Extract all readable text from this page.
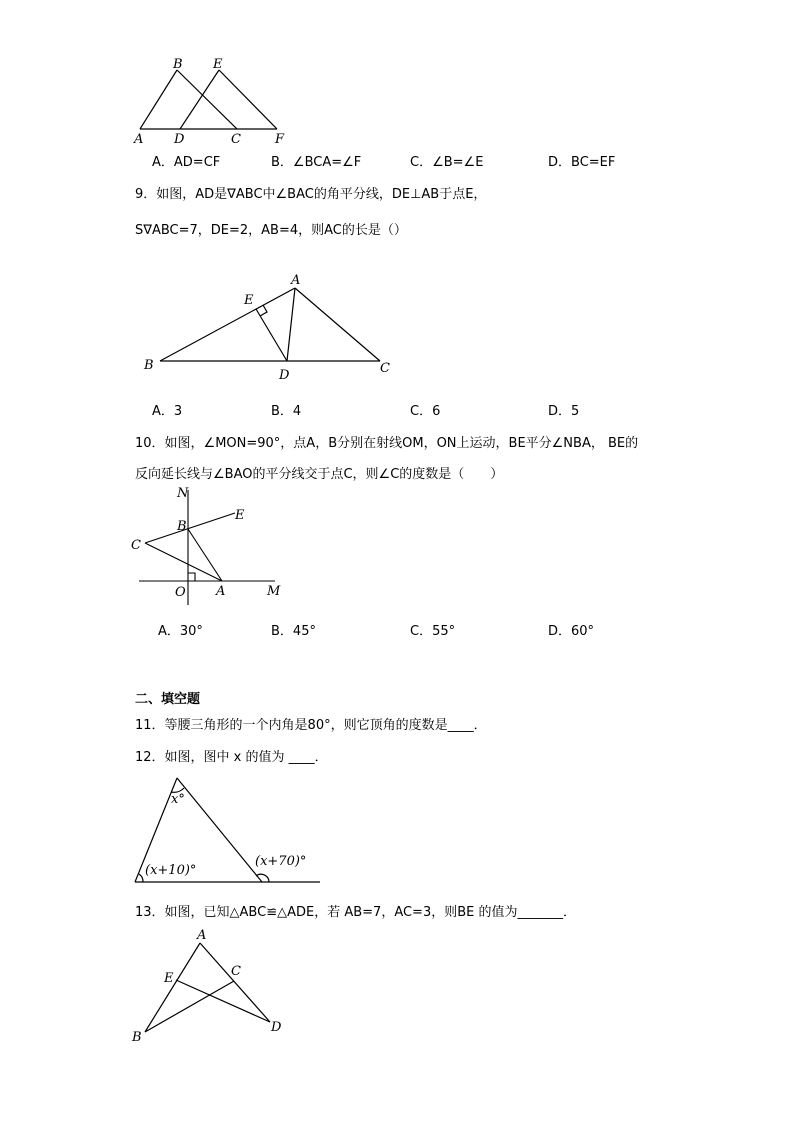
B E
A D	C	F
A．AD=CF	B．∠BCA=∠F	C．∠B=∠E	D．BC=EF
9．如图，AD是∇ABC中∠BAC的角平分线，DE⊥AB于点E，
S∇ABC=7，DE=2，AB=4，则AC的长是（）
A
E
B
D	C
A．3	B．4	C．6	D．5
10．如图，∠MON=90°，点A，B分别在射线OM，ON上运动，BE平分∠NBA， BE的
反向延长线与∠BAO的平分线交于点C，则∠C的度数是（　　）
N
B
E
C
O A	M
A．30°	B．45°	C．55°	D．60°
二、填空题
11．等腰三角形的一个内角是80°，则它顶角的度数是____．
12．如图，图中 x 的值为 ____．
x°
(x+10)°
(x+70)°
13．如图，已知△ABC≌△ADE，若 AB=7，AC=3，则BE 的值为_______．
A
E	C
B
D
